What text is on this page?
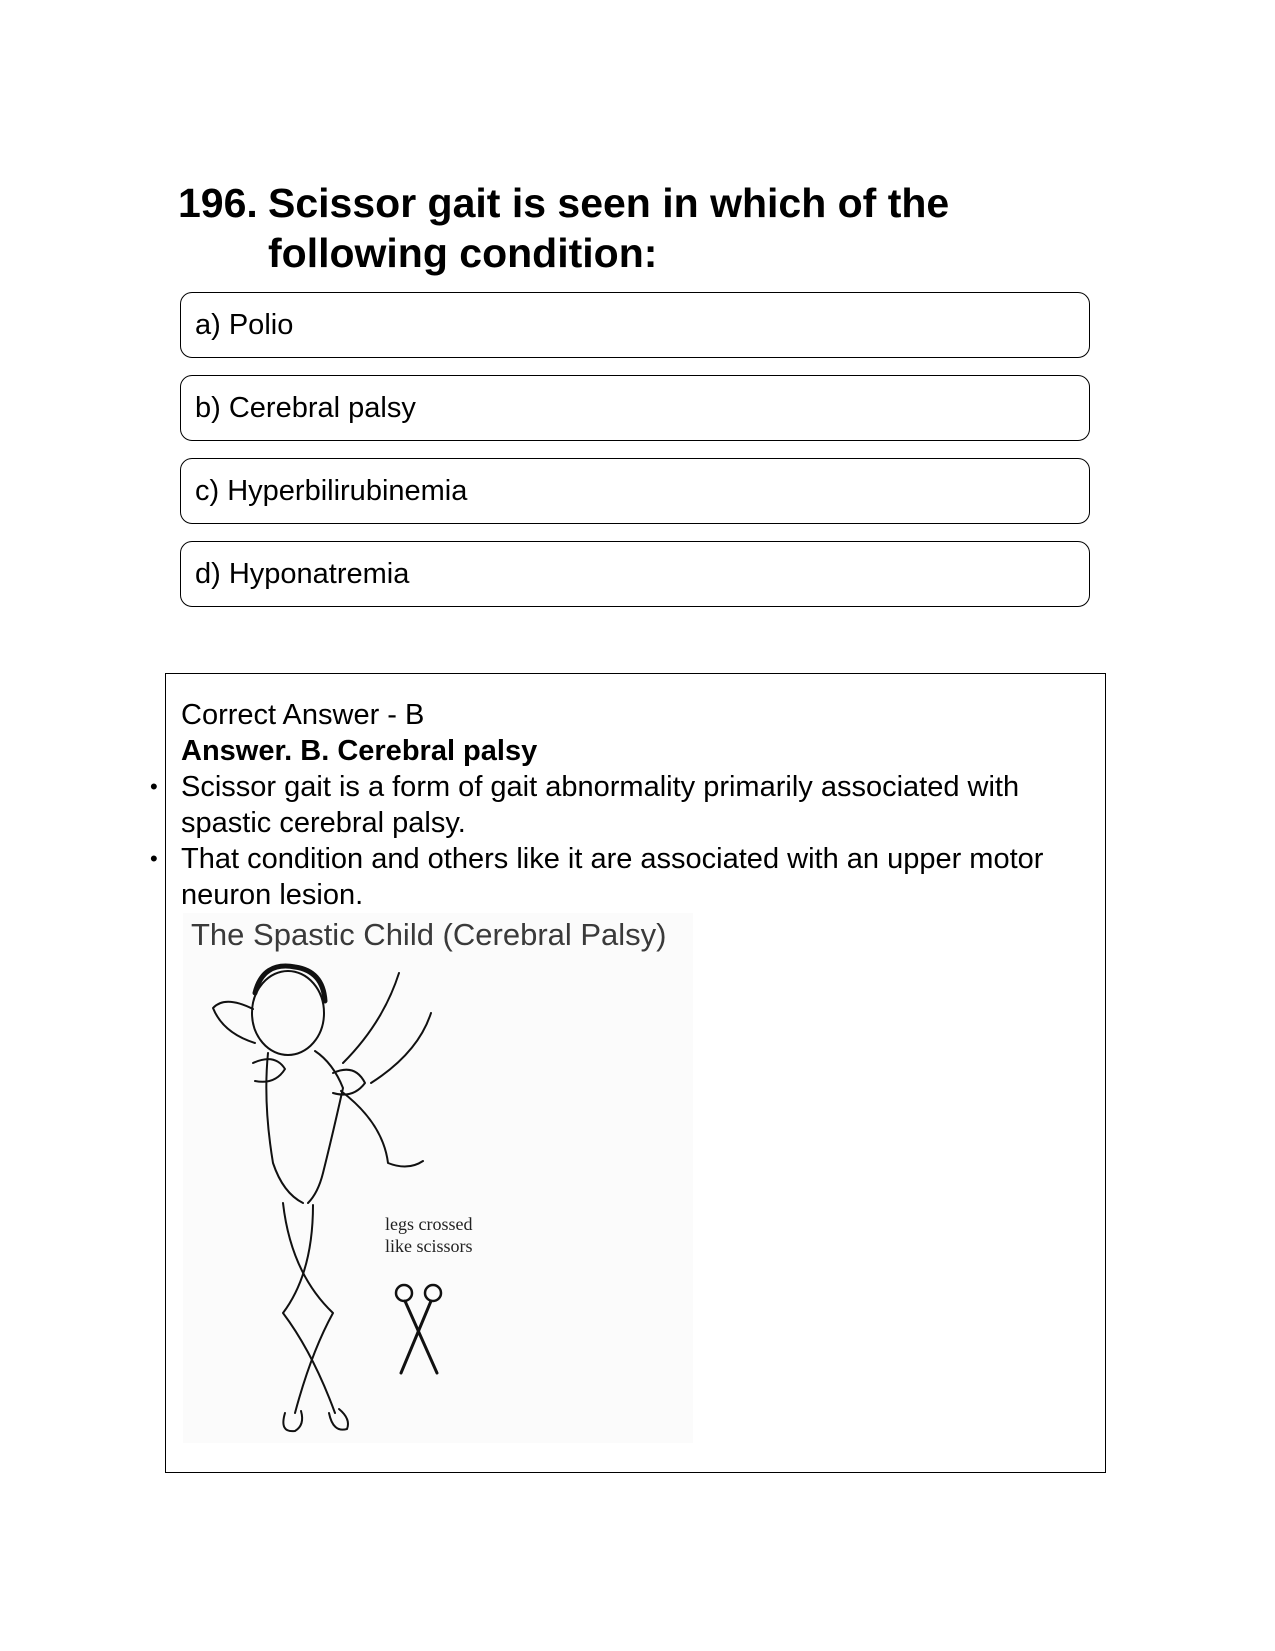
196. Scissor gait is seen in which of the following condition:
a) Polio
b) Cerebral palsy
c) Hyperbilirubinemia
d) Hyponatremia
Correct Answer - B
Answer. B. Cerebral palsy
• Scissor gait is a form of gait abnormality primarily associated with spastic cerebral palsy.
• That condition and others like it are associated with an upper motor neuron lesion.
The Spastic Child (Cerebral Palsy)
legs crossed
like scissors
